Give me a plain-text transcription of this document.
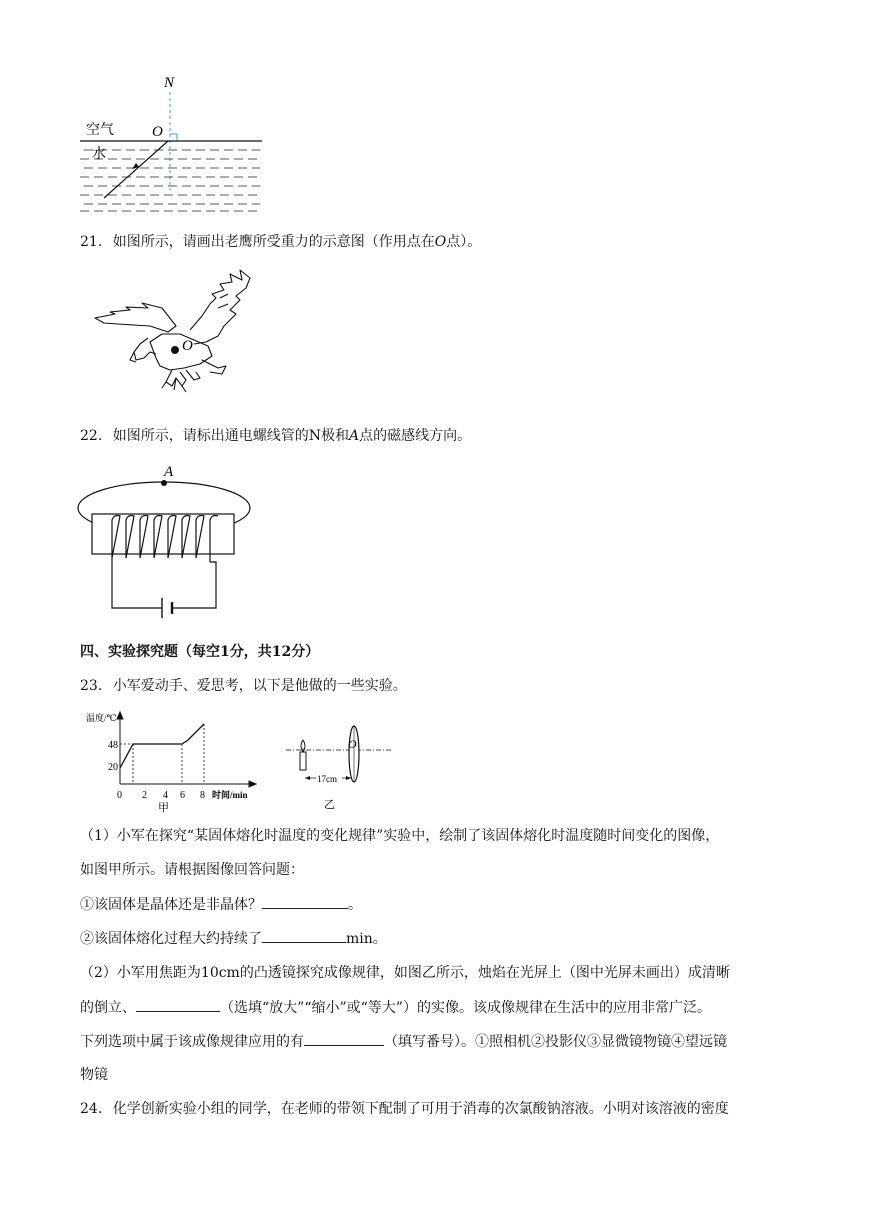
N
O
空气
水
21. 如图所示，请画出老鹰所受重力的示意图（作用点在O点）。
O
22. 如图所示，请标出通电螺线管的N极和A点的磁感线方向。
A
四、实验探究题（每空1分，共12分）
23. 小军爱动手、爱思考，以下是他做的一些实验。
温度/℃
48
20
0 2 4 6 8 时间/min
甲
17cm
O
乙
（1）小军在探究“某固体熔化时温度的变化规律”实验中，绘制了该固体熔化时温度随时间变化的图像，
如图甲所示。请根据图像回答问题：
①该固体是晶体还是非晶体？	。
②该固体熔化过程大约持续了	min。
（2）小军用焦距为10cm的凸透镜探究成像规律，如图乙所示，烛焰在光屏上（图中光屏未画出）成清晰
的倒立、	（选填“放大”“缩小”或“等大”）的实像。该成像规律在生活中的应用非常广泛。
下列选项中属于该成像规律应用的有	（填写番号）。①照相机②投影仪③显微镜物镜④望远镜
物镜
24. 化学创新实验小组的同学，在老师的带领下配制了可用于消毒的次氯酸钠溶液。小明对该溶液的密度
